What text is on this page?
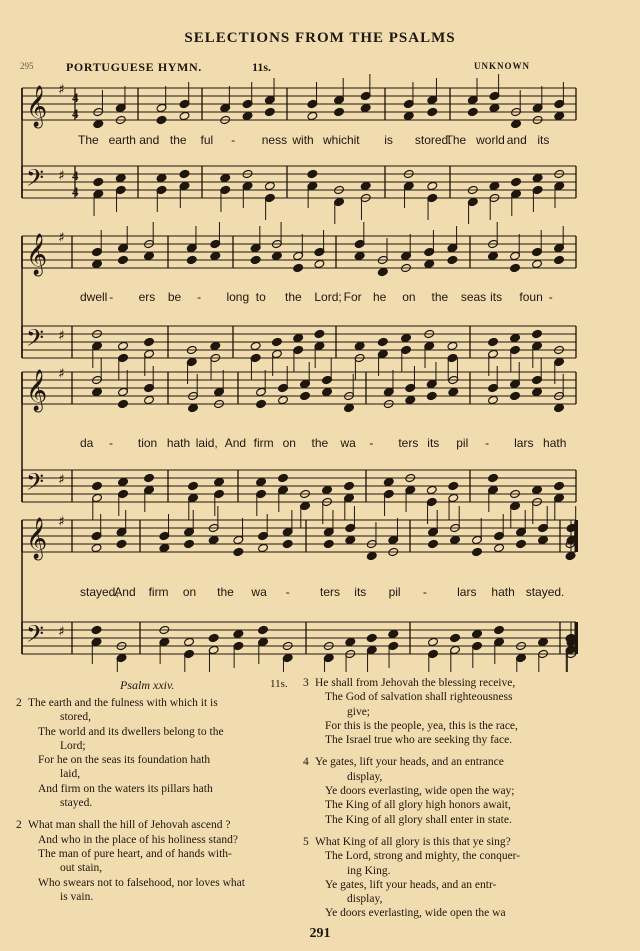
SELECTIONS FROM THE PSALMS
295	PORTUGUESE HYMN.	11s.	UNKNOWN
𝄞 ♯ 4
4
𝄢 ♯ 4
4
𝄞 ♯
𝄢 ♯
𝄞 ♯
𝄢 ♯
𝄞 ♯
𝄢 ♯
The earth and the ful - ness with which it is stored.
The world and its
dwell - ers be - long to the Lord; For he on the seas its foun -
da - tion hath laid, And firm on the wa - ters its pil - lars hath
stayed,
And firm on the wa -	ters its pil -	lars hath stayed.
Psalm xxiv.	11s.

2 The earth and the fulness with which it is

stored,

The world and its dwellers belong to the

Lord;

For he on the seas its foundation hath

laid,

And firm on the waters its pillars hath

stayed.

2 What man shall the hill of Jehovah ascend ?

And who in the place of his holiness stand?

The man of pure heart, and of hands with-

out stain,

Who swears not to falsehood, nor loves what

is vain.

3 He shall from Jehovah the blessing receive,

The God of salvation shall righteousness

give;

For this is the people, yea, this is the race,

The Israel true who are seeking thy face.

4 Ye gates, lift your heads, and an entrance

display,

Ye doors everlasting, wide open the way;

The King of all glory high honors await,

The King of all glory shall enter in state.

5 What King of all glory is this that ye sing?

The Lord, strong and mighty, the conquer-

ing King.

Ye gates, lift your heads, and an entr-

display,

Ye doors everlasting, wide open the wa

291
